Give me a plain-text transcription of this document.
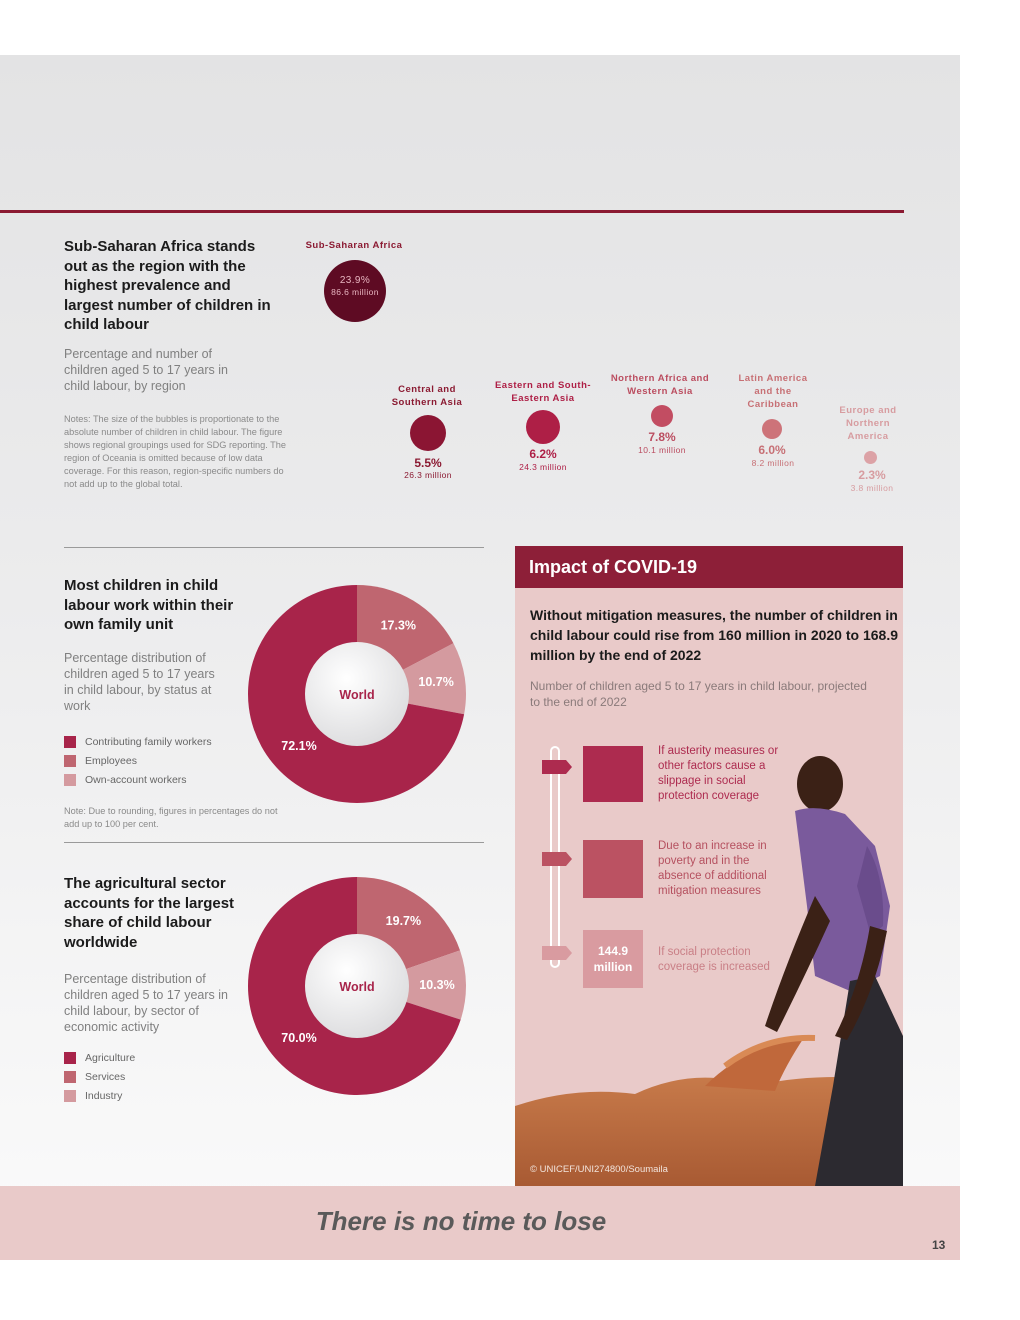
Sub-Saharan Africa stands out as the region with the highest prevalence and largest number of children in child labour
Percentage and number of children aged 5 to 17 years in child labour, by region
Notes: The size of the bubbles is proportionate to the absolute number of children in child labour. The figure shows regional groupings used for SDG reporting. The region of Oceania is omitted because of low data coverage. For this reason, region-specific numbers do not add up to the global total.
Sub-Saharan Africa
23.9%
86.6 million
Central and Southern Asia
5.5%
26.3 million
Eastern and South-Eastern Asia
6.2%
24.3 million
Northern Africa and Western Asia
7.8%
10.1 million
Latin America and the Caribbean
6.0%
8.2 million
Europe and Northern America
2.3%
3.8 million
Most children in child labour work within their own family unit
Percentage distribution of children aged 5 to 17 years in child labour, by status at work
Contributing family workers
Employees
Own-account workers
Note: Due to rounding, figures in percentages do not add up to 100 per cent.
World
17.3%
10.7%
72.1%
The agricultural sector accounts for the largest share of child labour worldwide
Percentage distribution of children aged 5 to 17 years in child labour, by sector of economic activity
Agriculture
Services
Industry
World
19.7%
10.3%
70.0%
Impact of COVID-19
Without mitigation measures, the number of children in child labour could rise from 160 million in 2020 to 168.9 million by the end of 2022
Number of children aged 5 to 17 years in child labour, projected to the end of 2022
If austerity measures or other factors cause a slippage in social protection coverage
Due to an increase in poverty and in the absence of additional mitigation measures
144.9 million
If social protection coverage is increased
© UNICEF/UNI274800/Soumaila
There is no time to lose
13
